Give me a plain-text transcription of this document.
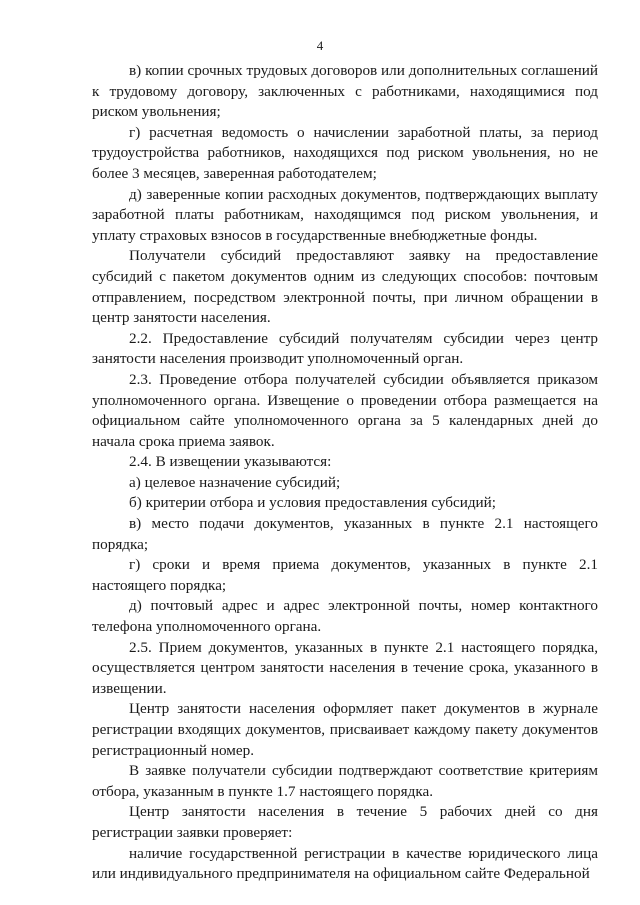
4

в) копии срочных трудовых договоров или дополнительных соглашений к трудовому договору, заключенных с работниками, находящимися под риском увольнения;

г) расчетная ведомость о начислении заработной платы, за период трудоустройства работников, находящихся под риском увольнения, но не более 3 месяцев, заверенная работодателем;

д) заверенные копии расходных документов, подтверждающих выплату заработной платы работникам, находящимся под риском увольнения, и уплату страховых взносов в государственные внебюджетные фонды.

Получатели субсидий предоставляют заявку на предоставление субсидий с пакетом документов одним из следующих способов: почтовым отправлением, посредством электронной почты, при личном обращении в центр занятости населения.

2.2. Предоставление субсидий получателям субсидии через центр занятости населения производит уполномоченный орган.

2.3. Проведение отбора получателей субсидии объявляется приказом уполномоченного органа. Извещение о проведении отбора размещается на официальном сайте уполномоченного органа за 5 календарных дней до начала срока приема заявок.

2.4. В извещении указываются:

а) целевое назначение субсидий;

б) критерии отбора и условия предоставления субсидий;

в) место подачи документов, указанных в пункте 2.1 настоящего порядка;

г) сроки и время приема документов, указанных в пункте 2.1 настоящего порядка;

д) почтовый адрес и адрес электронной почты, номер контактного телефона уполномоченного органа.

2.5. Прием документов, указанных в пункте 2.1 настоящего порядка, осуществляется центром занятости населения в течение срока, указанного в извещении.

Центр занятости населения оформляет пакет документов в журнале регистрации входящих документов, присваивает каждому пакету документов регистрационный номер.

В заявке получатели субсидии подтверждают соответствие критериям отбора, указанным в пункте 1.7 настоящего порядка.

Центр занятости населения в течение 5 рабочих дней со дня регистрации заявки проверяет:

наличие государственной регистрации в качестве юридического лица или индивидуального предпринимателя на официальном сайте Федеральной
